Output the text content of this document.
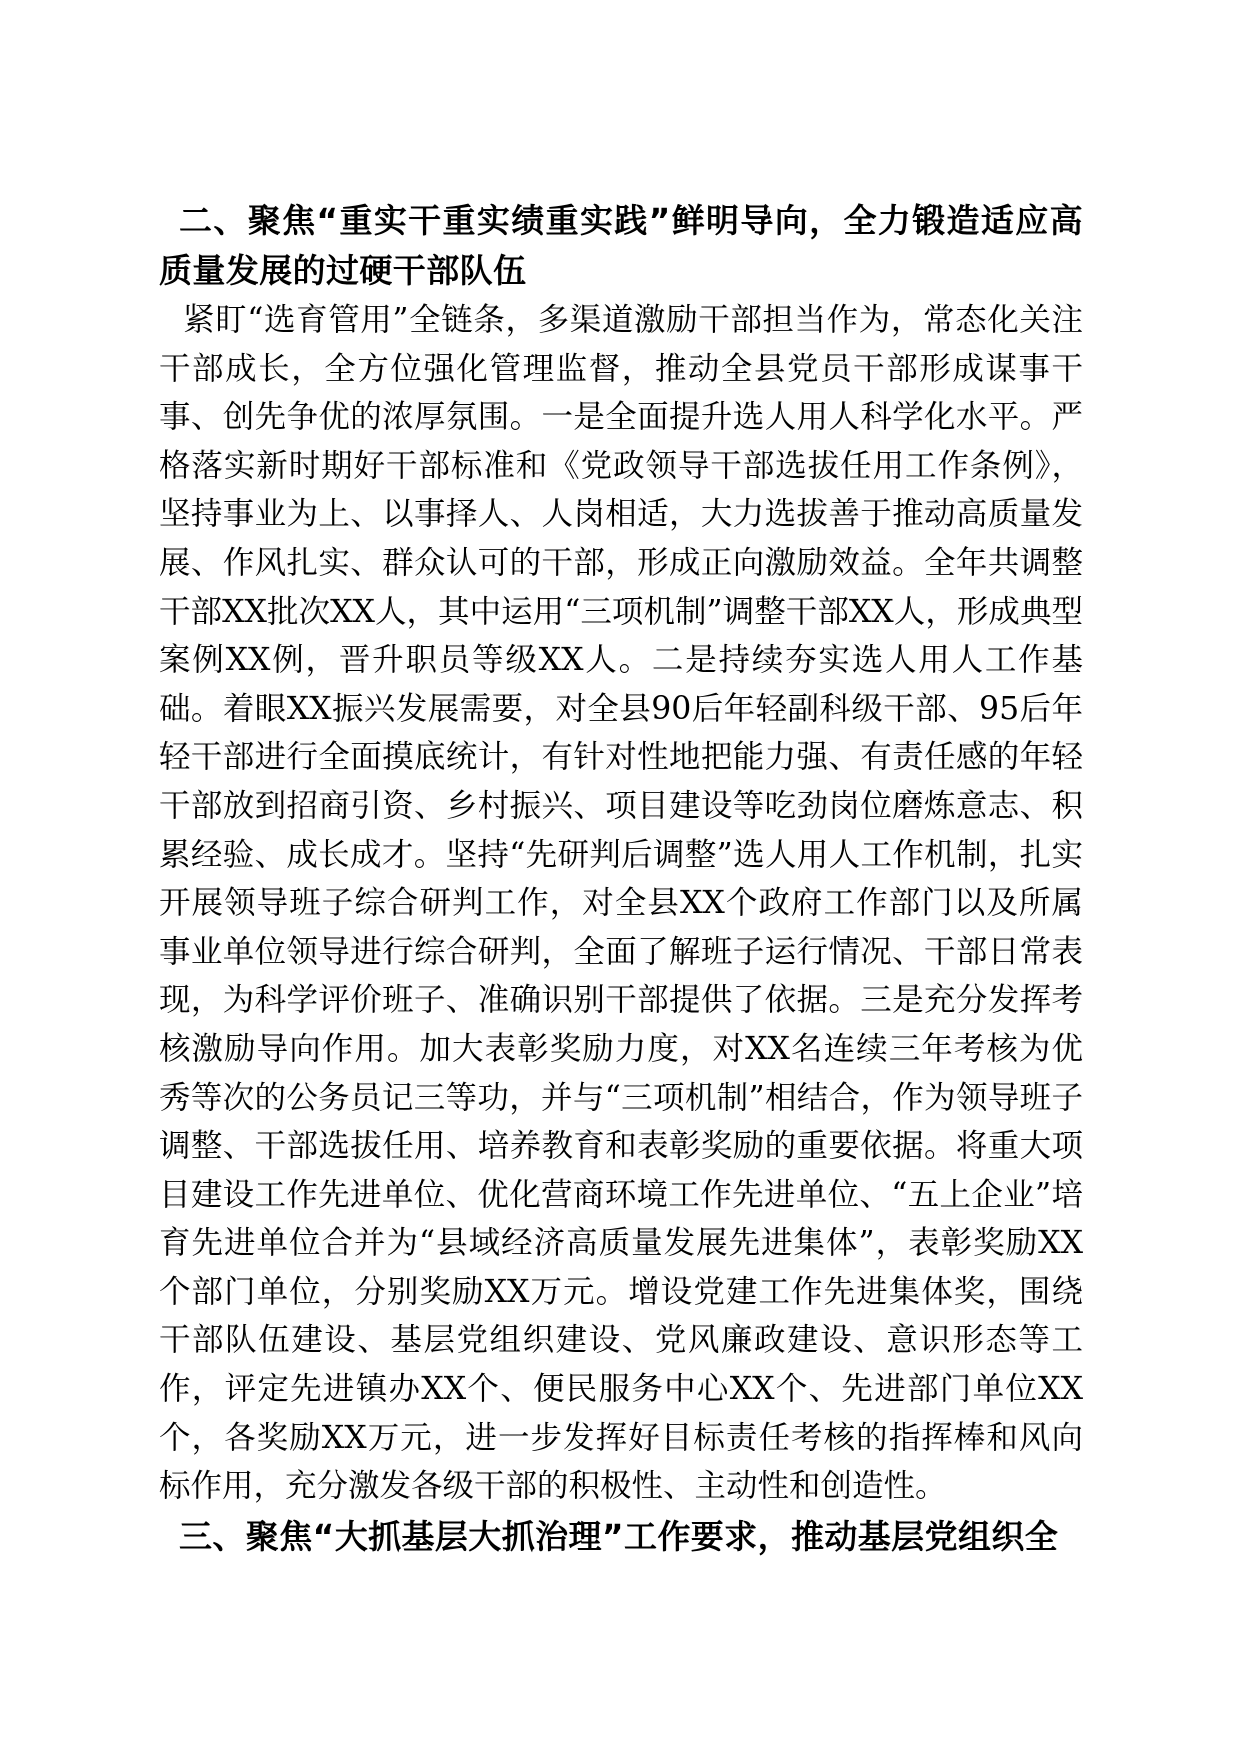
二、聚焦“重实干重实绩重实践”鲜明导向，全力锻造适应高质量发展的过硬干部队伍

紧盯“选育管用”全链条，多渠道激励干部担当作为，常态化关注干部成长，全方位强化管理监督，推动全县党员干部形成谋事干事、创先争优的浓厚氛围。一是全面提升选人用人科学化水平。严格落实新时期好干部标准和《党政领导干部选拔任用工作条例》，坚持事业为上、以事择人、人岗相适，大力选拔善于推动高质量发展、作风扎实、群众认可的干部，形成正向激励效益。全年共调整干部XX批次XX人，其中运用“三项机制”调整干部XX人，形成典型案例XX例，晋升职员等级XX人。二是持续夯实选人用人工作基础。着眼XX振兴发展需要，对全县90后年轻副科级干部、95后年轻干部进行全面摸底统计，有针对性地把能力强、有责任感的年轻干部放到招商引资、乡村振兴、项目建设等吃劲岗位磨炼意志、积累经验、成长成才。坚持“先研判后调整”选人用人工作机制，扎实开展领导班子综合研判工作，对全县XX个政府工作部门以及所属事业单位领导进行综合研判，全面了解班子运行情况、干部日常表现，为科学评价班子、准确识别干部提供了依据。三是充分发挥考核激励导向作用。加大表彰奖励力度，对XX名连续三年考核为优秀等次的公务员记三等功，并与“三项机制”相结合，作为领导班子调整、干部选拔任用、培养教育和表彰奖励的重要依据。将重大项目建设工作先进单位、优化营商环境工作先进单位、“五上企业”培育先进单位合并为“县域经济高质量发展先进集体”，表彰奖励XX个部门单位，分别奖励XX万元。增设党建工作先进集体奖，围绕干部队伍建设、基层党组织建设、党风廉政建设、意识形态等工作，评定先进镇办XX个、便民服务中心XX个、先进部门单位XX个，各奖励XX万元，进一步发挥好目标责任考核的指挥棒和风向标作用，充分激发各级干部的积极性、主动性和创造性。

三、聚焦“大抓基层大抓治理”工作要求，推动基层党组织全
